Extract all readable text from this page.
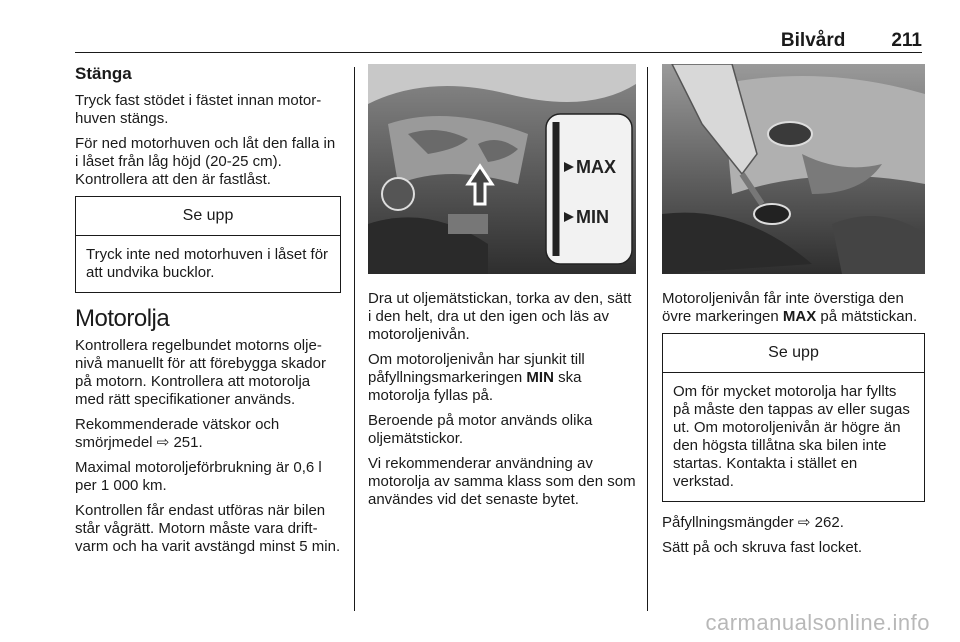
Bilvård 211
Stänga

Tryck fast stödet i fästet innan motorhuven stängs.

För ned motorhuven och låt den falla in i låset från låg höjd (20-25 cm). Kontrollera att den är fastlåst.

Se upp
Tryck inte ned motorhuven i låset för att undvika bucklor.
Motorolja

Kontrollera regelbundet motorns oljenivå manuellt för att förebygga skador på motorn. Kontrollera att motorolja med rätt specifikationer används.

Rekommenderade vätskor och smörjmedel ⇨ 251.

Maximal motoroljeförbrukning är 0,6 l per 1 000 km.

Kontrollen får endast utföras när bilen står vågrätt. Motorn måste vara driftvarm och ha varit avstängd minst 5 min.

MAX
MIN

Dra ut oljemätstickan, torka av den, sätt i den helt, dra ut den igen och läs av motoroljenivån.

Om motoroljenivån har sjunkit till påfyllningsmarkeringen MIN ska motorolja fyllas på.

Beroende på motor används olika oljemätstickor.

Vi rekommenderar användning av motorolja av samma klass som den som användes vid det senaste bytet.

Motoroljenivån får inte överstiga den övre markeringen MAX på mätstickan.

Se upp
Om för mycket motorolja har fyllts på måste den tappas av eller sugas ut. Om motoroljenivån är högre än den högsta tillåtna ska bilen inte startas. Kontakta i stället en verkstad.

Påfyllningsmängder ⇨ 262.

Sätt på och skruva fast locket.

carmanualsonline.info
